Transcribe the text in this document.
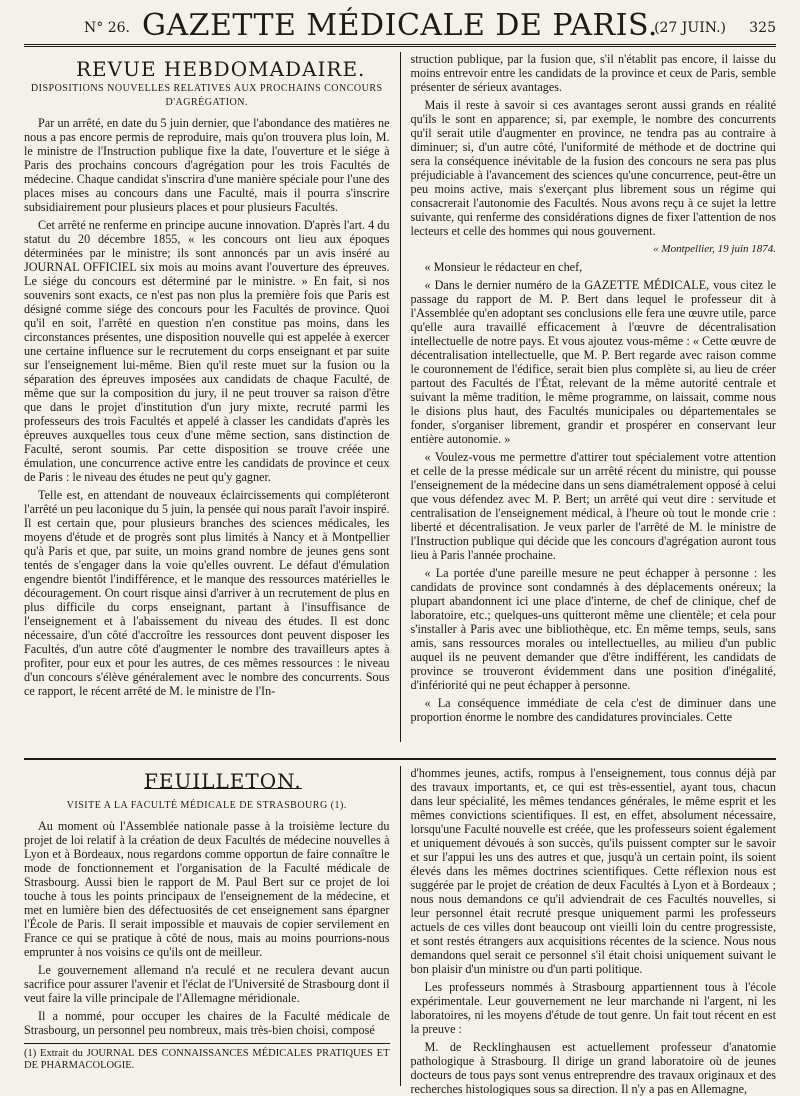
N° 26. GAZETTE MÉDICALE DE PARIS.
(27 JUIN.) 325
REVUE HEBDOMADAIRE.
DISPOSITIONS NOUVELLES RELATIVES AUX PROCHAINS CONCOURS D'AGRÉGATION.

Par un arrêté, en date du 5 juin dernier, que l'abondance des matières ne nous a pas encore permis de reproduire, mais qu'on trouvera plus loin, M. le ministre de l'Instruction publique fixe la date, l'ouverture et le siége à Paris des prochains concours d'agrégation pour les trois Facultés de médecine. Chaque candidat s'inscrira d'une manière spéciale pour l'une des places mises au concours dans une Faculté, mais il pourra s'inscrire subsidiairement pour plusieurs places et pour plusieurs Facultés.

Cet arrêté ne renferme en principe aucune innovation. D'après l'art. 4 du statut du 20 décembre 1855, « les concours ont lieu aux époques déterminées par le ministre; ils sont annoncés par un avis inséré au JOURNAL OFFICIEL six mois au moins avant l'ouverture des épreuves. Le siége du concours est déterminé par le ministre. » En fait, si nos souvenirs sont exacts, ce n'est pas non plus la première fois que Paris est désigné comme siége des concours pour les Facultés de province. Quoi qu'il en soit, l'arrêté en question n'en constitue pas moins, dans les circonstances présentes, une disposition nouvelle qui est appelée à exercer une certaine influence sur le recrutement du corps enseignant et par suite sur l'enseignement lui-même. Bien qu'il reste muet sur la fusion ou la séparation des épreuves imposées aux candidats de chaque Faculté, de même que sur la composition du jury, il ne peut trouver sa raison d'être que dans le projet d'institution d'un jury mixte, recruté parmi les professeurs des trois Facultés et appelé à classer les candidats d'après les épreuves auxquelles tous ceux d'une même section, sans distinction de Faculté, seront soumis. Par cette disposition se trouve créée une émulation, une concurrence active entre les candidats de province et ceux de Paris : le niveau des études ne peut qu'y gagner.

Telle est, en attendant de nouveaux éclaircissements qui compléteront l'arrêté un peu laconique du 5 juin, la pensée qui nous paraît l'avoir inspiré. Il est certain que, pour plusieurs branches des sciences médicales, les moyens d'étude et de progrès sont plus limités à Nancy et à Montpellier qu'à Paris et que, par suite, un moins grand nombre de jeunes gens sont tentés de s'engager dans la voie qu'elles ouvrent. Le défaut d'émulation engendre bientôt l'indifférence, et le manque des ressources matérielles le découragement. On court risque ainsi d'arriver à un recrutement de plus en plus difficile du corps enseignant, partant à l'insuffisance de l'enseignement et à l'abaissement du niveau des études. Il est donc nécessaire, d'un côté d'accroître les ressources dont peuvent disposer les Facultés, d'un autre côté d'augmenter le nombre des travailleurs aptes à profiter, pour eux et pour les autres, de ces mêmes ressources : le niveau d'un concours s'élève généralement avec le nombre des concurrents. Sous ce rapport, le récent arrêté de M. le ministre de l'In-

struction publique, par la fusion que, s'il n'établit pas encore, il laisse du moins entrevoir entre les candidats de la province et ceux de Paris, semble présenter de sérieux avantages.

Mais il reste à savoir si ces avantages seront aussi grands en réalité qu'ils le sont en apparence; si, par exemple, le nombre des concurrents qu'il serait utile d'augmenter en province, ne tendra pas au contraire à diminuer; si, d'un autre côté, l'uniformité de méthode et de doctrine qui sera la conséquence inévitable de la fusion des concours ne sera pas plus préjudiciable à l'avancement des sciences qu'une concurrence, peut-être un peu moins active, mais s'exerçant plus librement sous un régime qui consacrerait l'autonomie des Facultés. Nous avons reçu à ce sujet la lettre suivante, qui renferme des considérations dignes de fixer l'attention de nos lecteurs et celle des hommes qui nous gouvernent.

« Montpellier, 19 juin 1874.

« Monsieur le rédacteur en chef,

« Dans le dernier numéro de la GAZETTE MÉDICALE, vous citez le passage du rapport de M. P. Bert dans lequel le professeur dit à l'Assemblée qu'en adoptant ses conclusions elle fera une œuvre utile, parce qu'elle aura travaillé efficacement à l'œuvre de décentralisation intellectuelle de notre pays. Et vous ajoutez vous-même : « Cette œuvre de décentralisation intellectuelle, que M. P. Bert regarde avec raison comme le couronnement de l'édifice, serait bien plus complète si, au lieu de créer partout des Facultés de l'État, relevant de la même autorité centrale et suivant la même tradition, le même programme, on laissait, comme nous le disions plus haut, des Facultés municipales ou départementales se fonder, s'organiser librement, grandir et prospérer en conservant leur entière autonomie. »

« Voulez-vous me permettre d'attirer tout spécialement votre attention et celle de la presse médicale sur un arrêté récent du ministre, qui pousse l'enseignement de la médecine dans un sens diamétralement opposé à celui que vous défendez avec M. P. Bert; un arrêté qui veut dire : servitude et centralisation de l'enseignement médical, à l'heure où tout le monde crie : liberté et décentralisation. Je veux parler de l'arrêté de M. le ministre de l'Instruction publique qui décide que les concours d'agrégation auront tous lieu à Paris l'année prochaine.

« La portée d'une pareille mesure ne peut échapper à personne : les candidats de province sont condamnés à des déplacements onéreux; la plupart abandonnent ici une place d'interne, de chef de clinique, chef de laboratoire, etc.; quelques-uns quitteront même une clientèle; et cela pour s'installer à Paris avec une bibliothèque, etc. En même temps, seuls, sans amis, sans ressources morales ou intellectuelles, au milieu d'un public auquel ils ne peuvent demander que d'être indifférent, les candidats de province se trouveront évidemment dans une position d'inégalité, d'infériorité qui ne peut échapper à personne.

« La conséquence immédiate de cela c'est de diminuer dans une proportion énorme le nombre des candidatures provinciales. Cette

FEUILLETON.
VISITE A LA FACULTÉ MÉDICALE DE STRASBOURG (1).

Au moment où l'Assemblée nationale passe à la troisième lecture du projet de loi relatif à la création de deux Facultés de médecine nouvelles à Lyon et à Bordeaux, nous regardons comme opportun de faire connaître le mode de fonctionnement et l'organisation de la Faculté médicale de Strasbourg. Aussi bien le rapport de M. Paul Bert sur ce projet de loi touche à tous les points principaux de l'enseignement de la médecine, et met en lumière bien des défectuosités de cet enseignement sans épargner l'École de Paris. Il serait impossible et mauvais de copier servilement en France ce qui se pratique à côté de nous, mais au moins pourrions-nous emprunter à nos voisins ce qu'ils ont de meilleur.

Le gouvernement allemand n'a reculé et ne reculera devant aucun sacrifice pour assurer l'avenir et l'éclat de l'Université de Strasbourg dont il veut faire la ville principale de l'Allemagne méridionale.

Il a nommé, pour occuper les chaires de la Faculté médicale de Strasbourg, un personnel peu nombreux, mais très-bien choisi, composé

(1) Extrait du JOURNAL DES CONNAISSANCES MÉDICALES PRATIQUES ET DE PHARMACOLOGIE.

d'hommes jeunes, actifs, rompus à l'enseignement, tous connus déjà par des travaux importants, et, ce qui est très-essentiel, ayant tous, chacun dans leur spécialité, les mêmes tendances générales, le même esprit et les mêmes convictions scientifiques. Il est, en effet, absolument nécessaire, lorsqu'une Faculté nouvelle est créée, que les professeurs soient également et uniquement dévoués à son succès, qu'ils puissent compter sur le savoir et sur l'appui les uns des autres et que, jusqu'à un certain point, ils soient élevés dans les mêmes doctrines scientifiques. Cette réflexion nous est suggérée par le projet de création de deux Facultés à Lyon et à Bordeaux ; nous nous demandons ce qu'il adviendrait de ces Facultés nouvelles, si leur personnel était recruté presque uniquement parmi les professeurs actuels de ces villes dont beaucoup ont vieilli loin du centre progressiste, et sont restés étrangers aux acquisitions récentes de la science. Nous nous demandons quel serait ce personnel s'il était choisi uniquement suivant le bon plaisir d'un ministre ou d'un parti politique.

Les professeurs nommés à Strasbourg appartiennent tous à l'école expérimentale. Leur gouvernement ne leur marchande ni l'argent, ni les laboratoires, ni les moyens d'étude de tout genre. Un fait tout récent en est la preuve :

M. de Recklinghausen est actuellement professeur d'anatomie pathologique à Strasbourg. Il dirige un grand laboratoire où de jeunes docteurs de tous pays sont venus entreprendre des travaux originaux et des recherches histologiques sous sa direction. Il n'y a pas en Allemagne,
